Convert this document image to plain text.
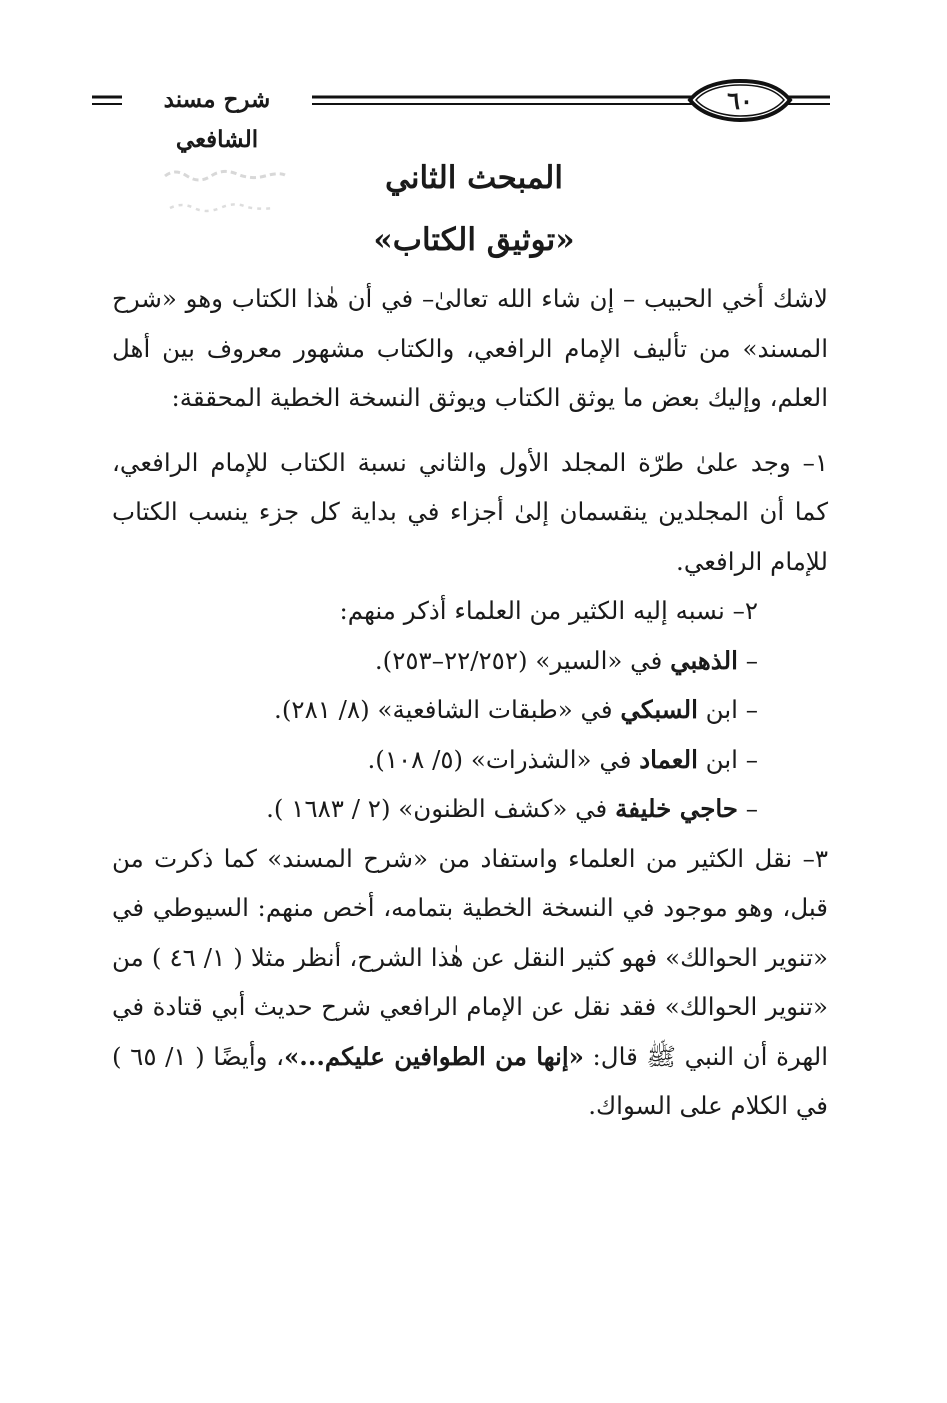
٦٠
شرح مسند الشافعي
المبحث الثاني
«توثيق الكتاب»

لاشك أخي الحبيب – إن شاء الله تعالىٰ– في أن هٰذا الكتاب وهو «شرح المسند» من تأليف الإمام الرافعي، والكتاب مشهور معروف بين أهل العلم، وإليك بعض ما يوثق الكتاب ويوثق النسخة الخطية المحققة:

١– وجد علىٰ طرّة المجلد الأول والثاني نسبة الكتاب للإمام الرافعي، كما أن المجلدين ينقسمان إلىٰ أجزاء في بداية كل جزء ينسب الكتاب للإمام الرافعي.

٢– نسبه إليه الكثير من العلماء أذكر منهم:

– الذهبي في «السير» (٢٢/٢٥٢–٢٥٣).

– ابن السبكي في «طبقات الشافعية» (٨/ ٢٨١).

– ابن العماد في «الشذرات» (٥/ ١٠٨).

– حاجي خليفة في «كشف الظنون» (٢ / ١٦٨٣ ).

٣– نقل الكثير من العلماء واستفاد من «شرح المسند» كما ذكرت من قبل، وهو موجود في النسخة الخطية بتمامه، أخص منهم: السيوطي في «تنوير الحوالك» فهو كثير النقل عن هٰذا الشرح، أنظر مثلا ( ١/ ٤٦ ) من «تنوير الحوالك» فقد نقل عن الإمام الرافعي شرح حديث أبي قتادة في الهرة أن النبي ﷺ قال: «إنها من الطوافين عليكم...»، وأيضًا ( ١/ ٦٥ ) في الكلام على السواك.
